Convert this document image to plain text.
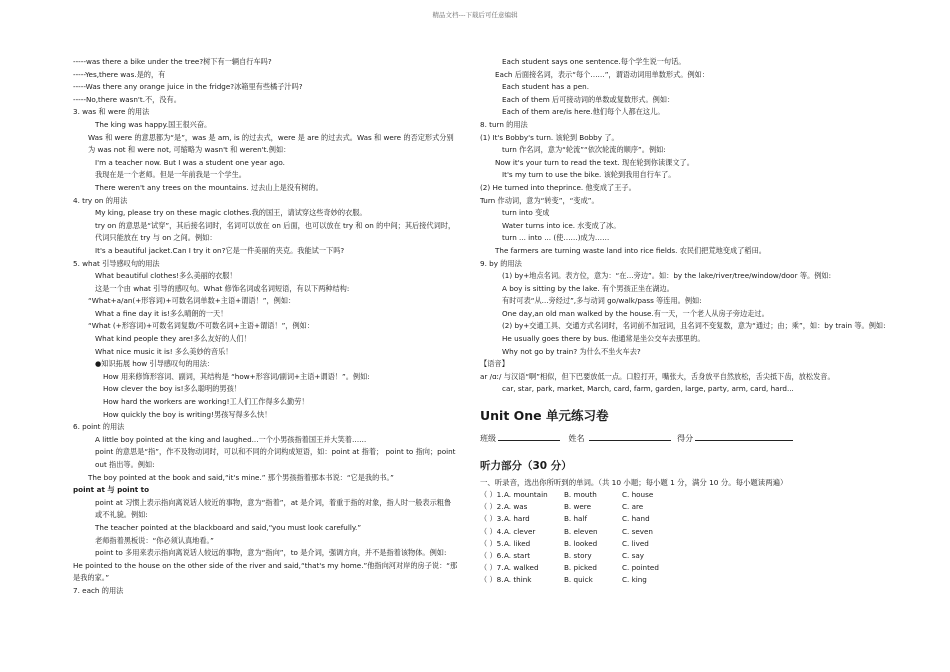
精品文档---下载后可任意编辑
-----was there a bike under the tree?树下有一辆自行车吗?
-----Yes,there was.是的，有
-----Was there any orange juice in the fridge?冰箱里有些橘子汁吗?
-----No,there wasn't.不，没有。
3. was 和 were 的用法
The king was happy.国王很兴奋。
Was 和 were 的意思都为“是”，was 是 am, is 的过去式，were 是 are 的过去式。Was 和 were 的否定形式分别为 was not 和 were not, 可缩略为 wasn't 和 weren't.例如：
I'm a teacher now. But I was a student one year ago.
我现在是一个老师。但是一年前我是一个学生。
There weren't any trees on the mountains. 过去山上是没有树的。
4. try on 的用法
My king, please try on these magic clothes.我的国王，请试穿这些奇妙的衣服。
try on 的意思是“试穿”，其后接名词时，名词可以放在 on 后面，也可以放在 try 和 on 的中间；其后接代词时，代词只能放在 try 与 on 之间。例如：
It's a beautiful jacket.Can I try it on?它是一件美丽的夹克。我能试一下吗?
5. what 引导感叹句的用法
What beautiful clothes!多么美丽的衣服！
这是一个由 what 引导的感叹句。What 修饰名词或名词短语，有以下两种结构:
“What+a/an(+形容词)+可数名词单数+主语+谓语！”，例如：
What a fine day it is!多么晴朗的一天！
“What (+形容词)+可数名词复数/不可数名词+主语+谓语！”，例如：
What kind people they are!多么友好的人们！
What nice music it is! 多么美妙的音乐！
●知识拓展 how 引导感叹句的用法：
How 用来修饰形容词、副词，其结构是 “how+形容词/副词+主语+谓语！”。例如:
How clever the boy is!多么聪明的男孩！
How hard the workers are working!工人们工作得多么勤劳！
How quickly the boy is writing!男孩写得多么快！
6. point 的用法
A little boy pointed at the king and laughed...一个小男孩指着国王并大笑着……
point 的意思是“指”，作不及物动词时，可以和不同的介词构成短语，如：point at 指着； point to 指向；point out 指出等。例如:
The boy pointed at the book and said,“it's mine.” 那个男孩指着那本书说：“它是我的书。”
point at 与 point to
point at 习惯上表示指向离说话人较近的事物，意为“指着”，at 是介词，着重于指的对象，指人时一般表示粗鲁或不礼貌。例如:
The teacher pointed at the blackboard and said,“you must look carefully.”
老师指着黑板说：“你必须认真地看。”
point to 多用来表示指向离说话人较远的事物，意为“指向”，to 是介词，强调方向，并不是指着该物体。例如:
He pointed to the house on the other side of the river and said,“that's my home.”他指向河对岸的房子说：“那是我的家。”
7. each 的用法
Each student says one sentence.每个学生说一句话。
Each 后面接名词，表示“每个……”，谓语动词用单数形式。例如：
Each student has a pen.
Each of them 后可接动词的单数或复数形式。例如：
Each of them are/is here.他们每个人都在这儿。
8. turn 的用法
(1) It's Bobby's turn. 该轮到 Bobby 了。
turn 作名词，意为“轮流”“依次轮流的顺序”。例如:
Now it's your turn to read the text. 现在轮到你读课文了。
It's my turn to use the bike. 该轮到我用自行车了。
(2) He turned into theprince. 他变成了王子。
Turn 作动词，意为“转变”，“变成”。
turn into 变成
Water turns into ice. 水变成了冰。
turn ... into ... (使……)成为……
The farmers are turning waste land into rice fields. 农民们把荒地变成了稻田。
9. by 的用法
(1) by+地点名词。表方位，意为：“在…旁边”。如：by the lake/river/tree/window/door 等。例如:
A boy is sitting by the lake. 有个男孩正坐在湖边。
有时可表“从...旁经过”,多与动词 go/walk/pass 等连用。例如:
One day,an old man walked by the house.有一天，一个老人从房子旁边走过。
(2) by+交通工具、交通方式名词时，名词前不加冠词，且名词不变复数，意为“通过；由；乘”，如：by train 等。例如:
He usually goes there by bus. 他通常是坐公交车去那里的。
Why not go by train? 为什么不坐火车去?
【语音】
ar /ɑː/ 与汉语“啊”相似，但下巴要放低一点。口腔打开，嘴张大，舌身放平自然放松，舌尖抵下齿，放松发音。
car, star, park, market, March, card, farm, garden, large, party, arm, card, hard...
Unit One 单元练习卷
班级	姓名	得分
听力部分（30 分）
一、听录音，选出你所听到的单词。（共 10 小题；每小题 1 分，满分 10 分。每小题读两遍）
（ ）1.A. mountain B. mouth	C. house
（ ）2.A. was	B. were	C. are
（ ）3.A. hard	B. half	C. hand
（ ）4.A. clever	B. eleven	C. seven
（ ）5.A. liked	B. looked	C. lived
（ ）6.A. start	B. story	C. say
（ ）7.A. walked	B. picked	C. pointed
（ ）8.A. think	B. quick	C. king
